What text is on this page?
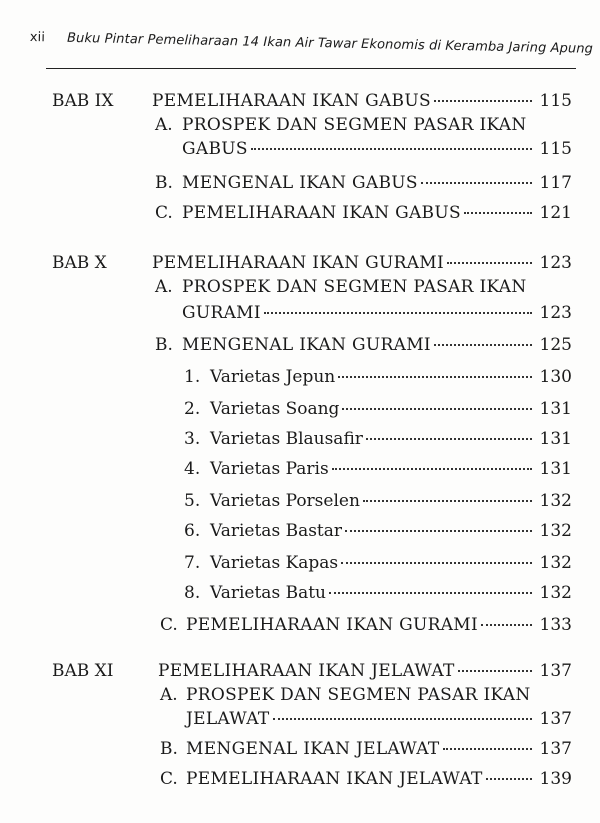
xii Buku Pintar Pemeliharaan 14 Ikan Air Tawar Ekonomis di Keramba Jaring Apung
BAB IX	PEMELIHARAAN IKAN GABUS	115
A. PROSPEK DAN SEGMEN PASAR IKAN
GABUS	115
B. MENGENAL IKAN GABUS	117
C. PEMELIHARAAN IKAN GABUS	121
BAB X	PEMELIHARAAN IKAN GURAMI	123
A. PROSPEK DAN SEGMEN PASAR IKAN
GURAMI	123
B. MENGENAL IKAN GURAMI	125
1. Varietas Jepun	130
2. Varietas Soang	131
3. Varietas Blausafir	131
4. Varietas Paris	131
5. Varietas Porselen	132
6. Varietas Bastar	132
7. Varietas Kapas	132
8. Varietas Batu	132
C. PEMELIHARAAN IKAN GURAMI	133
BAB XI	PEMELIHARAAN IKAN JELAWAT	137
A. PROSPEK DAN SEGMEN PASAR IKAN
JELAWAT	137
B. MENGENAL IKAN JELAWAT	137
C. PEMELIHARAAN IKAN JELAWAT	139
